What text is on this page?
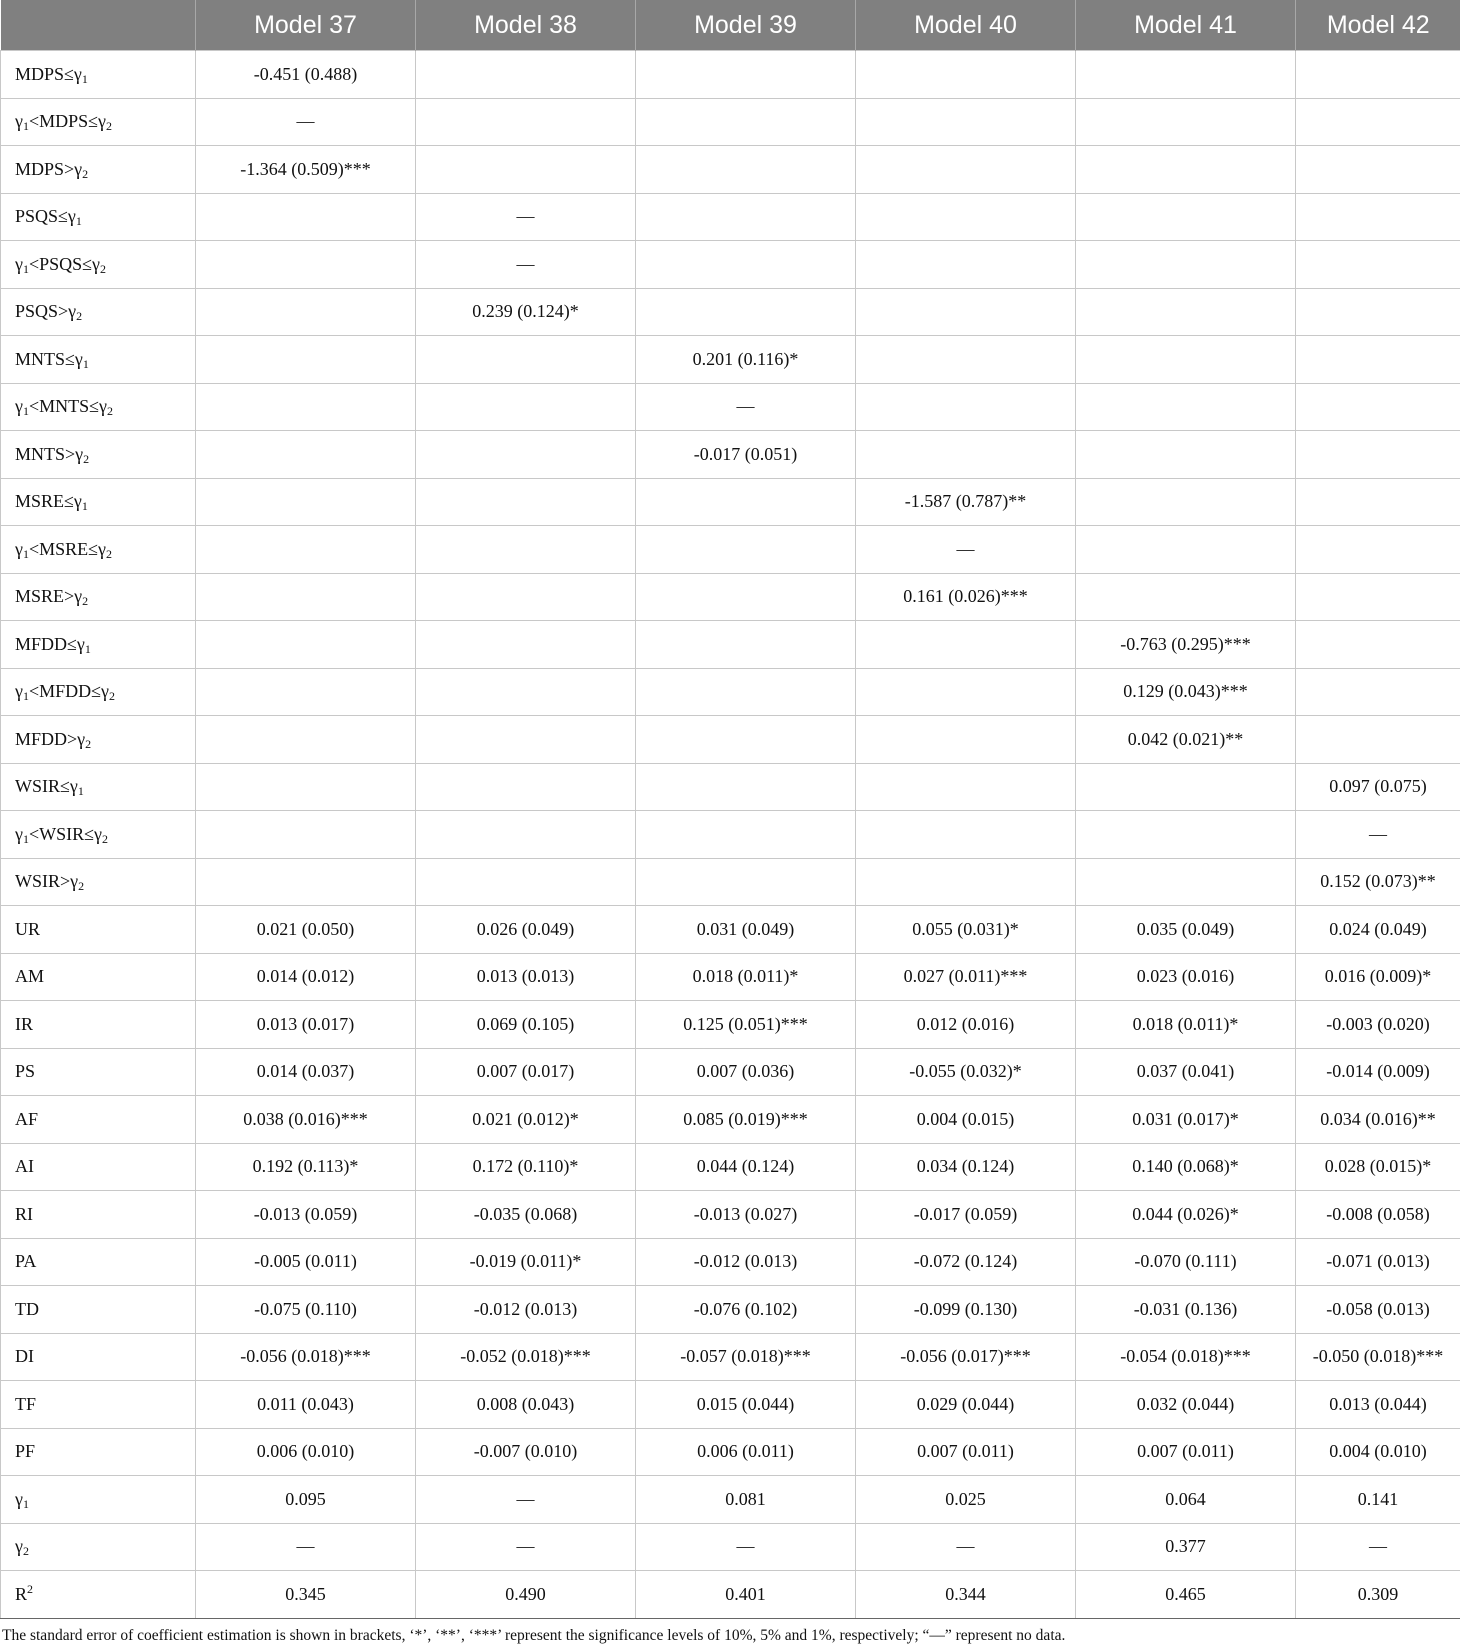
	Model 37	Model 38	Model 39	Model 40	Model 41	Model 42
$MDPS\le\gamma_1$	-0.451 (0.488)					
$\gamma_1<MDPS\le\gamma_2$	—					
$MDPS>\gamma_2$	-1.364 (0.509)***					
$PSQS\le\gamma_1$		—				
$\gamma_1<PSQS\le\gamma_2$		—				
$PSQS>\gamma_2$		0.239 (0.124)*				
$MNTS\le\gamma_1$			0.201 (0.116)*			
$\gamma_1<MNTS\le\gamma_2$			—			
$MNTS>\gamma_2$			-0.017 (0.051)			
$MSRE\le\gamma_1$				-1.587 (0.787)**		
$\gamma_1<MSRE\le\gamma_2$				—		
$MSRE>\gamma_2$				0.161 (0.026)***		
$MFDD\le\gamma_1$					-0.763 (0.295)***	
$\gamma_1<MFDD\le\gamma_2$					0.129 (0.043)***	
$MFDD>\gamma_2$					0.042 (0.021)**	
$WSIR\le\gamma_1$						0.097 (0.075)
$\gamma_1<WSIR\le\gamma_2$						—
$WSIR>\gamma_2$						0.152 (0.073)**
UR	0.021 (0.050)	0.026 (0.049)	0.031 (0.049)	0.055 (0.031)*	0.035 (0.049)	0.024 (0.049)
AM	0.014 (0.012)	0.013 (0.013)	0.018 (0.011)*	0.027 (0.011)***	0.023 (0.016)	0.016 (0.009)*
IR	0.013 (0.017)	0.069 (0.105)	0.125 (0.051)***	0.012 (0.016)	0.018 (0.011)*	-0.003 (0.020)
PS	0.014 (0.037)	0.007 (0.017)	0.007 (0.036)	-0.055 (0.032)*	0.037 (0.041)	-0.014 (0.009)
AF	0.038 (0.016)***	0.021 (0.012)*	0.085 (0.019)***	0.004 (0.015)	0.031 (0.017)*	0.034 (0.016)**
AI	0.192 (0.113)*	0.172 (0.110)*	0.044 (0.124)	0.034 (0.124)	0.140 (0.068)*	0.028 (0.015)*
RI	-0.013 (0.059)	-0.035 (0.068)	-0.013 (0.027)	-0.017 (0.059)	0.044 (0.026)*	-0.008 (0.058)
PA	-0.005 (0.011)	-0.019 (0.011)*	-0.012 (0.013)	-0.072 (0.124)	-0.070 (0.111)	-0.071 (0.013)
TD	-0.075 (0.110)	-0.012 (0.013)	-0.076 (0.102)	-0.099 (0.130)	-0.031 (0.136)	-0.058 (0.013)
DI	-0.056 (0.018)***	-0.052 (0.018)***	-0.057 (0.018)***	-0.056 (0.017)***	-0.054 (0.018)***	-0.050 (0.018)***
TF	0.011 (0.043)	0.008 (0.043)	0.015 (0.044)	0.029 (0.044)	0.032 (0.044)	0.013 (0.044)
PF	0.006 (0.010)	-0.007 (0.010)	0.006 (0.011)	0.007 (0.011)	0.007 (0.011)	0.004 (0.010)
$\gamma_1$	0.095	—	0.081	0.025	0.064	0.141
$\gamma_2$	—	—	—	—	0.377	—
$R^2$	0.345	0.490	0.401	0.344	0.465	0.309
The standard error of coefficient estimation is shown in brackets, ‘*’, ‘**’, ‘***’ represent the significance levels of 10%, 5% and 1%, respectively; “—” represent no data.
